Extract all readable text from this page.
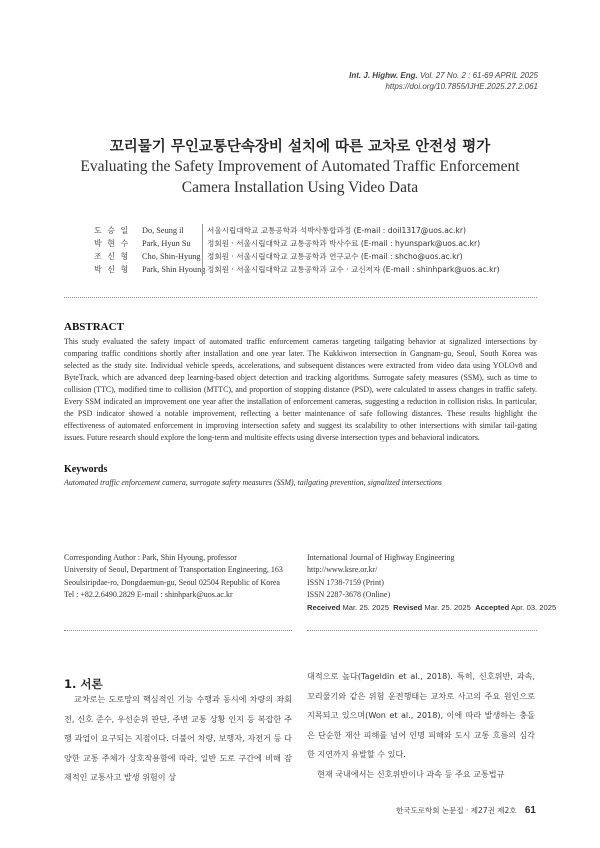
Int. J. Highw. Eng. Vol. 27 No. 2 : 61-69 APRIL 2025
https://doi.org/10.7855/IJHE.2025.27.2.061
꼬리물기 무인교통단속장비 설치에 따른 교차로 안전성 평가
Evaluating the Safety Improvement of Automated Traffic Enforcement Camera Installation Using Video Data
도 승 일	Do, Seung il	서울시립대학교 교통공학과 석박사통합과정 (E-mail : doil1317@uos.ac.kr)
박 현 수	Park, Hyun Su	정회원 · 서울시립대학교 교통공학과 박사수료 (E-mail : hyunspark@uos.ac.kr)
조 신 형	Cho, Shin-Hyung 정회원 · 서울시립대학교 교통공학과 연구교수 (E-mail : shcho@uos.ac.kr)
박 신 형	Park, Shin Hyoung 정회원 · 서울시립대학교 교통공학과 교수 · 교신저자 (E-mail : shinhpark@uos.ac.kr)
ABSTRACT
This study evaluated the safety impact of automated traffic enforcement cameras targeting tailgating behavior at signalized intersections by comparing traffic conditions shortly after installation and one year later. The Kukkiwon intersection in Gangnam-gu, Seoul, South Korea was selected as the study site. Individual vehicle speeds, accelerations, and subsequent distances were extracted from video data using YOLOv8 and ByteTrack, which are advanced deep learning-based object detection and tracking algorithms. Surrogate safety measures (SSM), such as time to collision (TTC), modified time to collision (MTTC), and proportion of stopping distance (PSD), were calculated to assess changes in traffic safety. Every SSM indicated an improvement one year after the installation of enforcement cameras, suggesting a reduction in collision risks. In particular, the PSD indicator showed a notable improvement, reflecting a better maintenance of safe following distances. These results highlight the effectiveness of automated enforcement in improving intersection safety and suggest its scalability to other intersections with similar tail-gating issues. Future research should explore the long-term and multisite effects using diverse intersection types and behavioral indicators.
Keywords
Automated traffic enforcement camera, surrogate safety measures (SSM), tailgating prevention, signalized intersections
Corresponding Author : Park, Shin Hyoung, professor
University of Seoul, Department of Transportation Engineering, 163
Seoulsiripdae-ro, Dongdaemun-gu, Seoul 02504 Republic of Korea
Tel : +82.2.6490.2829 E-mail : shinhpark@uos.ac.kr
International Journal of Highway Engineering
http://www.ksre.or.kr/
ISSN 1738-7159 (Print)
ISSN 2287-3678 (Online)
Received Mar. 25. 2025 Revised Mar. 25. 2025 Accepted Apr. 03. 2025
1. 서론
교차로는 도로망의 핵심적인 기능 수행과 동시에 차량의 좌회전, 신호 준수, 우선순위 판단, 주변 교통 상황 인지 등 복잡한 주행 과업이 요구되는 지점이다. 더불어 차량, 보행자, 자전거 등 다양한 교통 주체가 상호작용함에 따라, 일반 도로 구간에 비해 잠재적인 교통사고 발생 위험이 상
대적으로 높다(Tageldin et al., 2018). 특히, 신호위반, 과속, 꼬리물기와 같은 위험 운전행태는 교차로 사고의 주요 원인으로 지목되고 있으며(Won et al., 2018), 이에 따라 발생하는 충돌은 단순한 재산 피해를 넘어 인명 피해와 도시 교통 흐름의 심각한 지연까지 유발할 수 있다.
현재 국내에서는 신호위반이나 과속 등 주요 교통법규
한국도로학회 논문집 · 제27권 제2호 61
